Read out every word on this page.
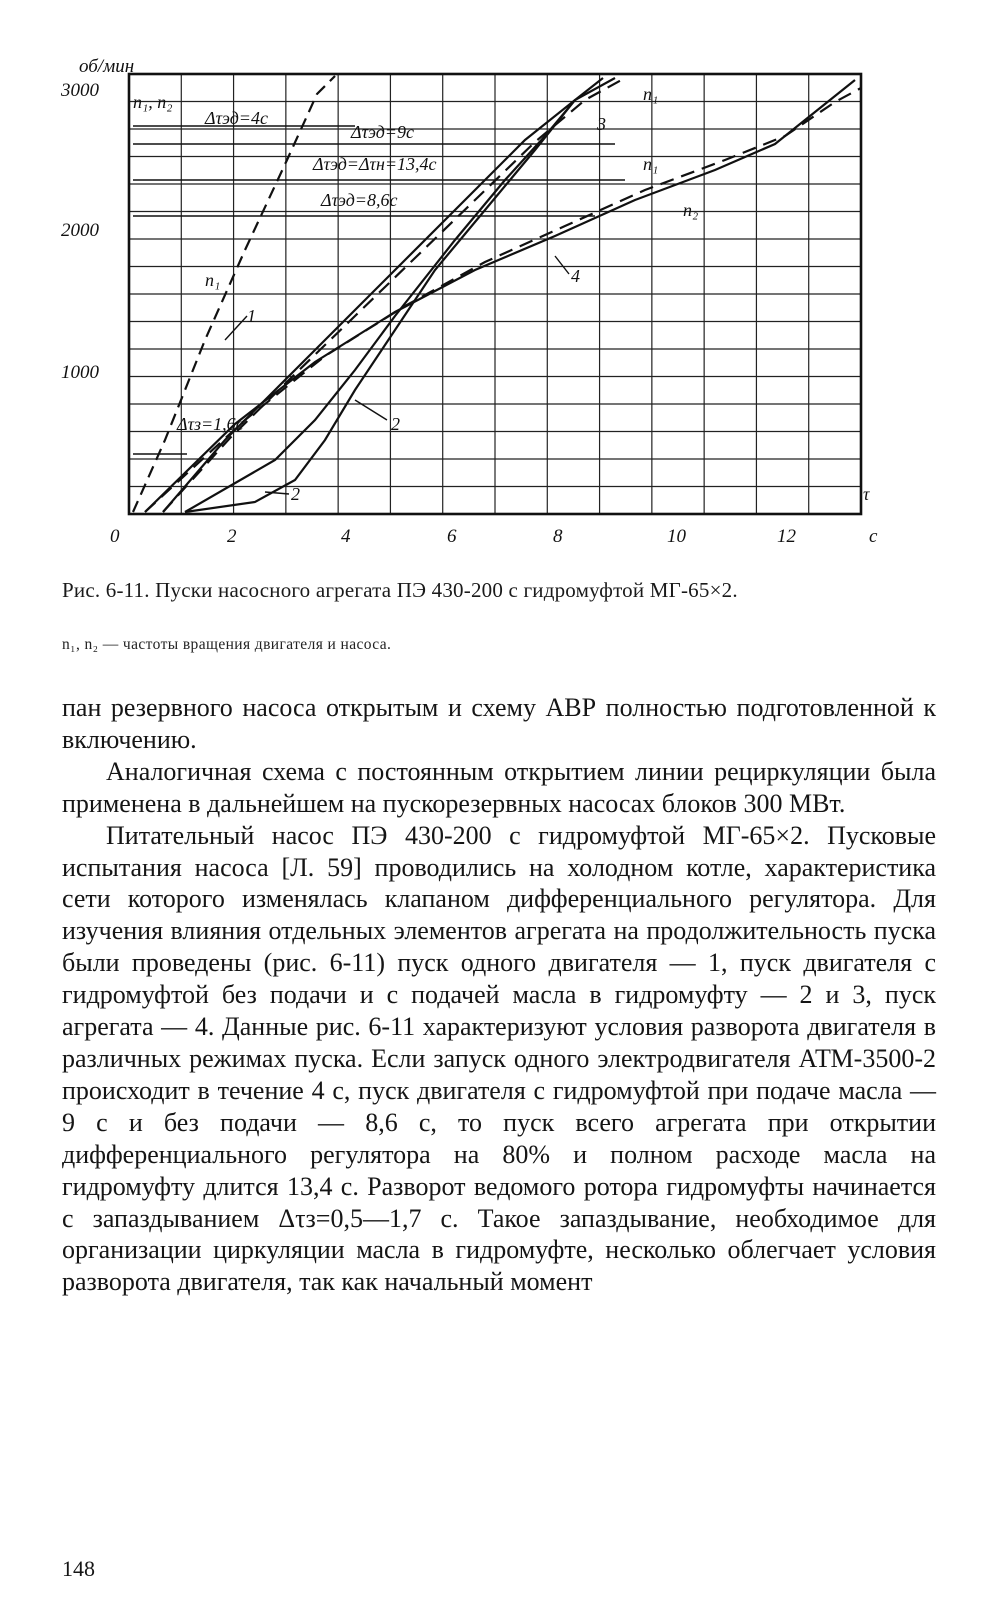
об/мин
3000
2000
1000
0	2	4	6	8	10	12	c
n₁, n₂
Δτэд=4с
Δτэд=9с
Δτэд=Δτн=13,4с
Δτэд=8,6с
Δτз=1,6с
n₁
n₁
n₁
n₂
1
2
2
3
4
τ
Рис. 6-11. Пуски насосного агрегата ПЭ 430-200 с гидромуфтой МГ-65×2.
n₁, n₂ — частоты вращения двигателя и насоса.

пан резервного насоса открытым и схему АВР полностью подготовленной к включению.

Аналогичная схема с постоянным открытием линии рециркуляции была применена в дальнейшем на пускорезервных насосах блоков 300 МВт.

Питательный насос ПЭ 430-200 с гидромуфтой МГ-65×2. Пусковые испытания насоса [Л. 59] проводились на холодном котле, характеристика сети которого изменялась клапаном дифференциального регулятора. Для изучения влияния отдельных элементов агрегата на продолжительность пуска были проведены (рис. 6-11) пуск одного двигателя — 1, пуск двигателя с гидромуфтой без подачи и с подачей масла в гидромуфту — 2 и 3, пуск агрегата — 4. Данные рис. 6-11 характеризуют условия разворота двигателя в различных режимах пуска. Если запуск одного электродвигателя АТМ-3500-2 происходит в течение 4 с, пуск двигателя с гидромуфтой при подаче масла — 9 с и без подачи — 8,6 с, то пуск всего агрегата при открытии дифференциального регулятора на 80% и полном расходе масла на гидромуфту длится 13,4 с. Разворот ведомого ротора гидромуфты начинается с запаздыванием Δτз=0,5—1,7 с. Такое запаздывание, необходимое для организации циркуляции масла в гидромуфте, несколько облегчает условия разворота двигателя, так как начальный момент

148
